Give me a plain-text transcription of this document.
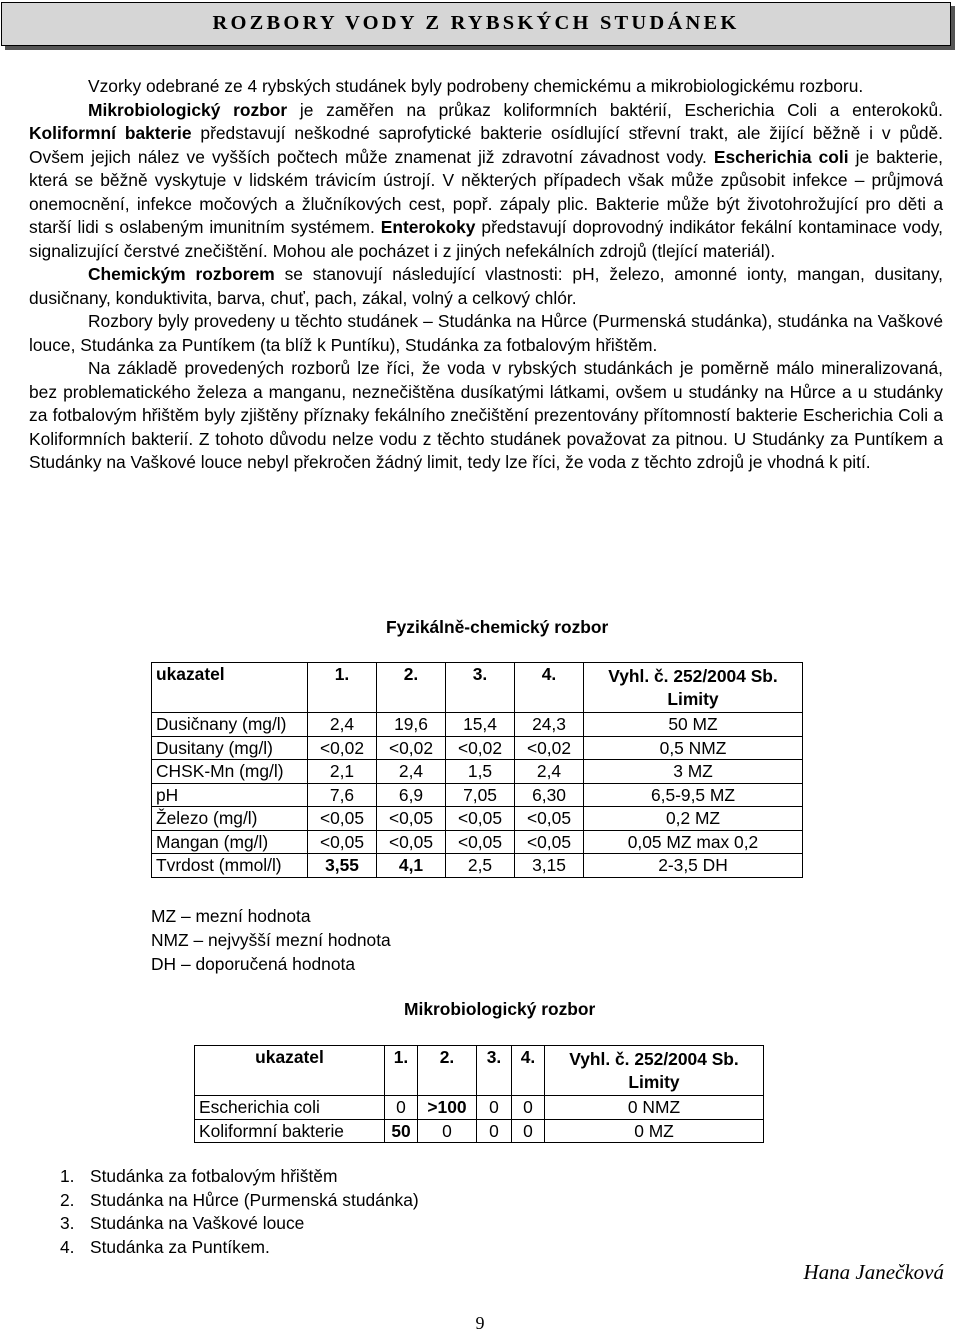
ROZBORY VODY Z RYBSKÝCH STUDÁNEK

Vzorky odebrané ze 4 rybských studánek byly podrobeny chemickému a mikrobiologickému rozboru.

Mikrobiologický rozbor je zaměřen na průkaz koliformních baktérií, Escherichia Coli a enterokoků. Koliformní bakterie představují neškodné saprofytické bakterie osídlující střevní trakt, ale žijící běžně i v půdě. Ovšem jejich nález ve vyšších počtech může znamenat již zdravotní závadnost vody. Escherichia coli je bakterie, která se běžně vyskytuje v lidském trávicím ústrojí. V některých případech však může způsobit infekce – průjmová onemocnění, infekce močových a žlučníkových cest, popř. zápaly plic. Bakterie může být životohrožující pro děti a starší lidi s oslabeným imunitním systémem. Enterokoky představují doprovodný indikátor fekální kontaminace vody, signalizující čerstvé znečištění. Mohou ale pocházet i z jiných nefekálních zdrojů (tlející materiál).

Chemickým rozborem se stanovují následující vlastnosti: pH, železo, amonné ionty, mangan, dusitany, dusičnany, konduktivita, barva, chuť, pach, zákal, volný a celkový chlór.

Rozbory byly provedeny u těchto studánek – Studánka na Hůrce (Purmenská studánka), studánka na Vaškové louce, Studánka za Puntíkem (ta blíž k Puntíku), Studánka za fotbalovým hřištěm.

Na základě provedených rozborů lze říci, že voda v rybských studánkách je poměrně málo mineralizovaná, bez problematického železa a manganu, neznečištěna dusíkatými látkami, ovšem u studánky na Hůrce a u studánky za fotbalovým hřištěm byly zjištěny příznaky fekálního znečištění prezentovány přítomností bakterie Escherichia Coli a Koliformních bakterií. Z tohoto důvodu nelze vodu z těchto studánek považovat za pitnou. U Studánky za Puntíkem a Studánky na Vaškové louce nebyl překročen žádný limit, tedy lze říci, že voda z těchto zdrojů je vhodná k pití.

Fyzikálně-chemický rozbor
ukazatel	1.	2.	3.	4.	Vyhl. č. 252/2004 Sb. Limity
Dusičnany (mg/l)	2,4	19,6	15,4	24,3	50 MZ
Dusitany (mg/l)	<0,02	<0,02	<0,02	<0,02	0,5 NMZ
CHSK-Mn (mg/l)	2,1	2,4	1,5	2,4	3 MZ
pH	7,6	6,9	7,05	6,30	6,5-9,5 MZ
Železo (mg/l)	<0,05	<0,05	<0,05	<0,05	0,2 MZ
Mangan (mg/l)	<0,05	<0,05	<0,05	<0,05	0,05 MZ max 0,2
Tvrdost (mmol/l)	3,55	4,1	2,5	3,15	2-3,5 DH
MZ – mezní hodnota
NMZ – nejvyšší mezní hodnota
DH – doporučená hodnota
Mikrobiologický rozbor
ukazatel	1.	2.	3.	4.	Vyhl. č. 252/2004 Sb. Limity
Escherichia coli	0	>100	0	0	0 NMZ
Koliformní bakterie	50	0	0	0	0 MZ
1. Studánka za fotbalovým hřištěm
2. Studánka na Hůrce (Purmenská studánka)
3. Studánka na Vaškové louce
4. Studánka za Puntíkem.
Hana Janečková
9
